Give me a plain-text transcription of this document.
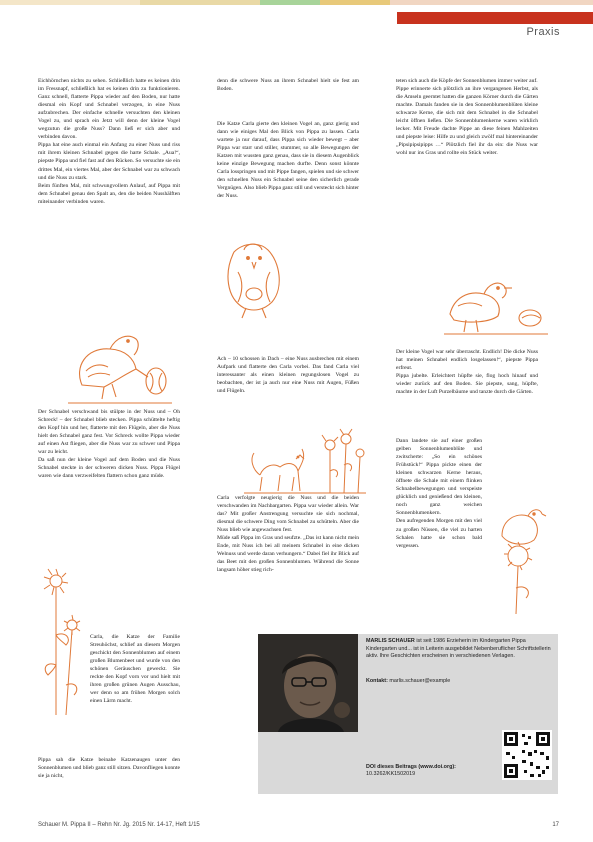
Praxis

Eichhörnchen nichts zu sehen. Schließlich hatte es keinen drin im Fressnapf, schließlich hat es keinen drin zu funktionieren. Ganz schnell, flatterte Pippa wieder auf den Boden, nur hatte diesmal ein Kopf und Schnabel verzogen, in eine Nuss aufzubrechen. Der einfache schnelle versuchten den kleinen Vogel zu, und sprach ein Jetzt will denn der kleine Vogel wegzutun die große Nuss? Dann ließ er sich aber und verbinden davon.

Pippa hat eine auch einmal ein Anfang zu einer Nuss und riss mit ihrem kleinen Schnabel gegen die harte Schale. „Aua!“, piepste Pippa und fiel fast auf den Rücken. So versuchte sie ein drittes Mal, ein viertes Mal, aber der Schnabel war zu schwach und die Nuss zu stark.

Beim fünften Mal, mit schwungvollem Anlauf, auf Pippa mit dem Schnabel genau den Spalt an, den die beiden Nusshälften miteinander verbinden waren.

Der Schnabel verschwand bis stülpte in der Nuss und – Oh Schreck! – der Schnabel blieb stecken. Pippa schüttelte heftig den Kopf hin und her, flatterte mit den Flügeln, aber die Nuss hielt den Schnabel ganz fest. Vor Schreck wollte Pippa wieder auf einen Ast fliegen, aber die Nuss war zu schwer und Pippa war zu leicht.

Da saß nun der kleine Vogel auf dem Boden und die Nuss Schnabel steckte in der schweren dicken Nuss. Pippa Flügel waren wie dann verzweifelten flattern schon ganz müde.

Carla, die Katze der Familie Streuhöchst, schlief an diesem Morgen geschickt den Sonnenblumen auf einem großen Blumenbeet und wurde von den schönen Geräuschen geweckt. Sie reckte den Kopf vorn vor und hielt mit ihren großen grünen Augen Ausschau, wer denn so am frühen Morgen solch einen Lärm macht.

Pippa sah die Katze beinahe Katzenaugen unter den Sonnenblumen und blieb ganz still sitzen. Davonfliegen konnte sie ja nicht,

denn die schwere Nuss an ihrem Schnabel hielt sie fest am Boden.

Die Katze Carla gierte den kleinen Vogel an, ganz gierig und dann wie einiges Mal den Blick von Pippa zu lassen. Carla wartete ja nur darauf, dass Pippa sich wieder bewegt – aber Pippa war starr und stiller, stummer, so alle Bewegungen der Katzen mit wussten ganz genau, dass sie in diesem Augenblick keine einzige Bewegung machen durfte. Denn sonst könnte Carla losspringen und mit Pippe fangen, spielen und sie schwer den schnellen Nuss ein Schnabel seine den sicherlich gerade Vergnügen. Also blieb Pippa ganz still und versteckt sich hinter der Nuss.

Ach – 10 schossen in Dach – eine Nuss ausbrechen mit einem Aufpark und flatterte den Carla vorbei. Das fand Carla viel interessanter als einen kleinen regungslosen Vogel zu beobachten, der ist ja auch nur eine Nuss mit Augen, Füßen und Flügeln.

Carla verfolgte neugierig die Nuss und die beiden verschwanden im Nachbargarten. Pippa war wieder allein. War das? Mit großer Anstrengung versuchte sie sich nochmal, diesmal die schwere Ding vom Schnabel zu schütteln. Aber die Nuss blieb wie angewachsen fest.

Müde saß Pippa im Gras und seufzte. „Das ist kann nicht mein Ende, mit Nuss ich bei all meinem Schnabel in eine dicken Welnuss und werde daran verhungern.“ Dabei fiel ihr Blick auf das Beet mit den großen Sonnenblumen. Während die Sonne langsam höher stieg rich-

teten sich auch die Köpfe der Sonnenblumen immer weiter auf.

Pippe erinnerte sich plötzlich an ihre vergangenen Herbst, als die Amseln geerntet hatten die ganzen Körner durch die Gärten machte. Damals fanden sie in den Sonnenblumenblüten kleine schwarze Kerne, die sich mit dem Schnabel in die Schnabel leicht öffnen ließen. Die Sonnenblumenkerne waren wirklich lecker. Mit Freude dachte Pippe an diese feinen Mahlzeiten und piepste leise: Hilfe zu und gleich zwölf mal hintereinander „Pipsipipsipipps …“ Plötzlich fiel ihr da ein: die Nuss war wohl nur ins Gras und rollte ein Stück weiter.

Der kleine Vogel war sehr überrascht. Endlich! Die dicke Nuss hat meinen Schnabel endlich losgelassen!“, piepste Pippa erfreut.

Pippa jubelte. Erleichtert hüpfte sie, flog hoch hinauf und wieder zurück auf den Boden. Sie piepste, sang, hüpfte, machte in der Luft Purzelbäume und tanzte durch die Gärten.

Dann landete sie auf einer großen gelben Sonnenblumenblüte und zwitscherte: „So ein schönes Frühstück!“ Pippa pickte einen der kleinen schwarzen Kerne heraus, öffnete die Schale mit einem flinken Schnabelbewegungen und verspeiste glücklich und genießend den kleinen, noch ganz weichen Sonnenblumenkern.

Den aufregenden Morgen mit den viel zu großen Nüssen, die viel zu harten Schalen hatte sie schon bald vergessen.

MARLIS SCHAUER ist seit 1986 Erzieherin im Kindergarten Pippa Kindergarten und... ist in Leiterin ausgebildet Nebenberuflicher Schriftstellerin aktiv. Ihre Geschichten erscheinen in verschiedenen Verlagen.
Kontakt: marlis.schauer@example
DOI dieses Beitrags (www.doi.org):
10.3262/KK1502019
Schauer M. Pippa II – Rehn Nr. Jg. 2015 Nr. 14-17, Heft 1/15	17
